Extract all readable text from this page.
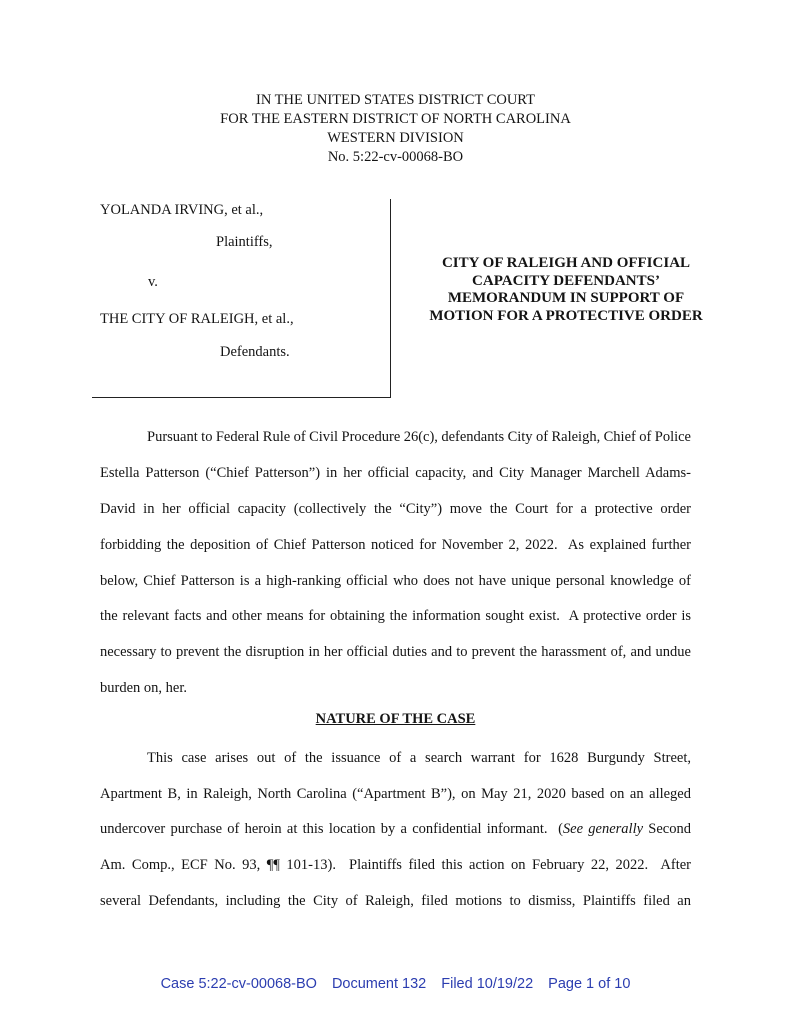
IN THE UNITED STATES DISTRICT COURT
FOR THE EASTERN DISTRICT OF NORTH CAROLINA
WESTERN DIVISION
No. 5:22-cv-00068-BO
YOLANDA IRVING, et al.,
Plaintiffs,
v.
THE CITY OF RALEIGH, et al.,
Defendants.
CITY OF RALEIGH AND OFFICIAL
CAPACITY DEFENDANTS’
MEMORANDUM IN SUPPORT OF
MOTION FOR A PROTECTIVE ORDER
Pursuant to Federal Rule of Civil Procedure 26(c), defendants City of Raleigh, Chief of Police
Estella Patterson (“Chief Patterson”) in her official capacity, and City Manager Marchell Adams-
David in her official capacity (collectively the “City”) move the Court for a protective order
forbidding the deposition of Chief Patterson noticed for November 2, 2022.  As explained further
below, Chief Patterson is a high-ranking official who does not have unique personal knowledge of
the relevant facts and other means for obtaining the information sought exist.  A protective order is
necessary to prevent the disruption in her official duties and to prevent the harassment of, and undue
burden on, her.
NATURE OF THE CASE
This case arises out of the issuance of a search warrant for 1628 Burgundy Street,
Apartment B, in Raleigh, North Carolina (“Apartment B”), on May 21, 2020 based on an alleged
undercover purchase of heroin at this location by a confidential informant.  (See generally Second
Am. Comp., ECF No. 93, ¶¶ 101-13).  Plaintiffs filed this action on February 22, 2022.  After
several Defendants, including the City of Raleigh, filed motions to dismiss, Plaintiffs filed an
Case 5:22-cv-00068-BO Document 132 Filed 10/19/22 Page 1 of 10
